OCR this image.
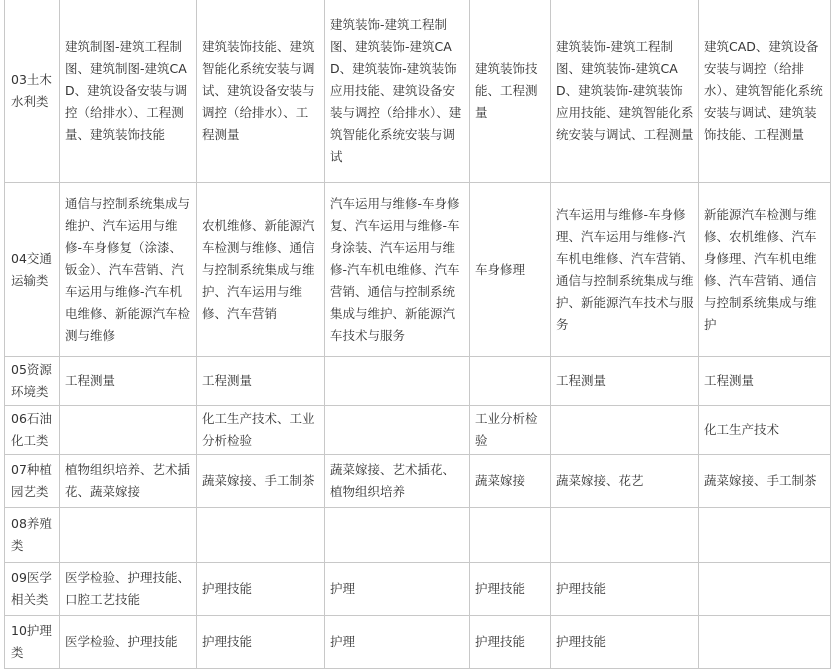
03土木水利类	建筑制图-建筑工程制图、建筑制图-建筑CAD、建筑设备安装与调控（给排水）、工程测量、建筑装饰技能	建筑装饰技能、建筑智能化系统安装与调试、建筑设备安装与调控（给排水）、工程测量	建筑装饰-建筑工程制图、建筑装饰-建筑CAD、建筑装饰-建筑装饰应用技能、建筑设备安装与调控（给排水）、建筑智能化系统安装与调试	建筑装饰技能、工程测量	建筑装饰-建筑工程制图、建筑装饰-建筑CAD、建筑装饰-建筑装饰应用技能、建筑智能化系统安装与调试、工程测量	建筑CAD、建筑设备安装与调控（给排水）、建筑智能化系统安装与调试、建筑装饰技能、工程测量
04交通运输类	通信与控制系统集成与维护、汽车运用与维修-车身修复（涂漆、钣金）、汽车营销、汽车运用与维修-汽车机电维修、新能源汽车检测与维修	农机维修、新能源汽车检测与维修、通信与控制系统集成与维护、汽车运用与维修、汽车营销	汽车运用与维修-车身修复、汽车运用与维修-车身涂装、汽车运用与维修-汽车机电维修、汽车营销、通信与控制系统集成与维护、新能源汽车技术与服务	车身修理	汽车运用与维修-车身修理、汽车运用与维修-汽车机电维修、汽车营销、通信与控制系统集成与维护、新能源汽车技术与服务	新能源汽车检测与维修、农机维修、汽车身修理、汽车机电维修、汽车营销、通信与控制系统集成与维护
05资源环境类	工程测量	工程测量			工程测量	工程测量
06石油化工类		化工生产技术、工业分析检验		工业分析检验		化工生产技术
07种植园艺类	植物组织培养、艺术插花、蔬菜嫁接	蔬菜嫁接、手工制茶	蔬菜嫁接、艺术插花、植物组织培养	蔬菜嫁接	蔬菜嫁接、花艺	蔬菜嫁接、手工制茶
08养殖类						
09医学相关类	医学检验、护理技能、口腔工艺技能	护理技能	护理	护理技能	护理技能	
10护理类	医学检验、护理技能	护理技能	护理	护理技能	护理技能	
